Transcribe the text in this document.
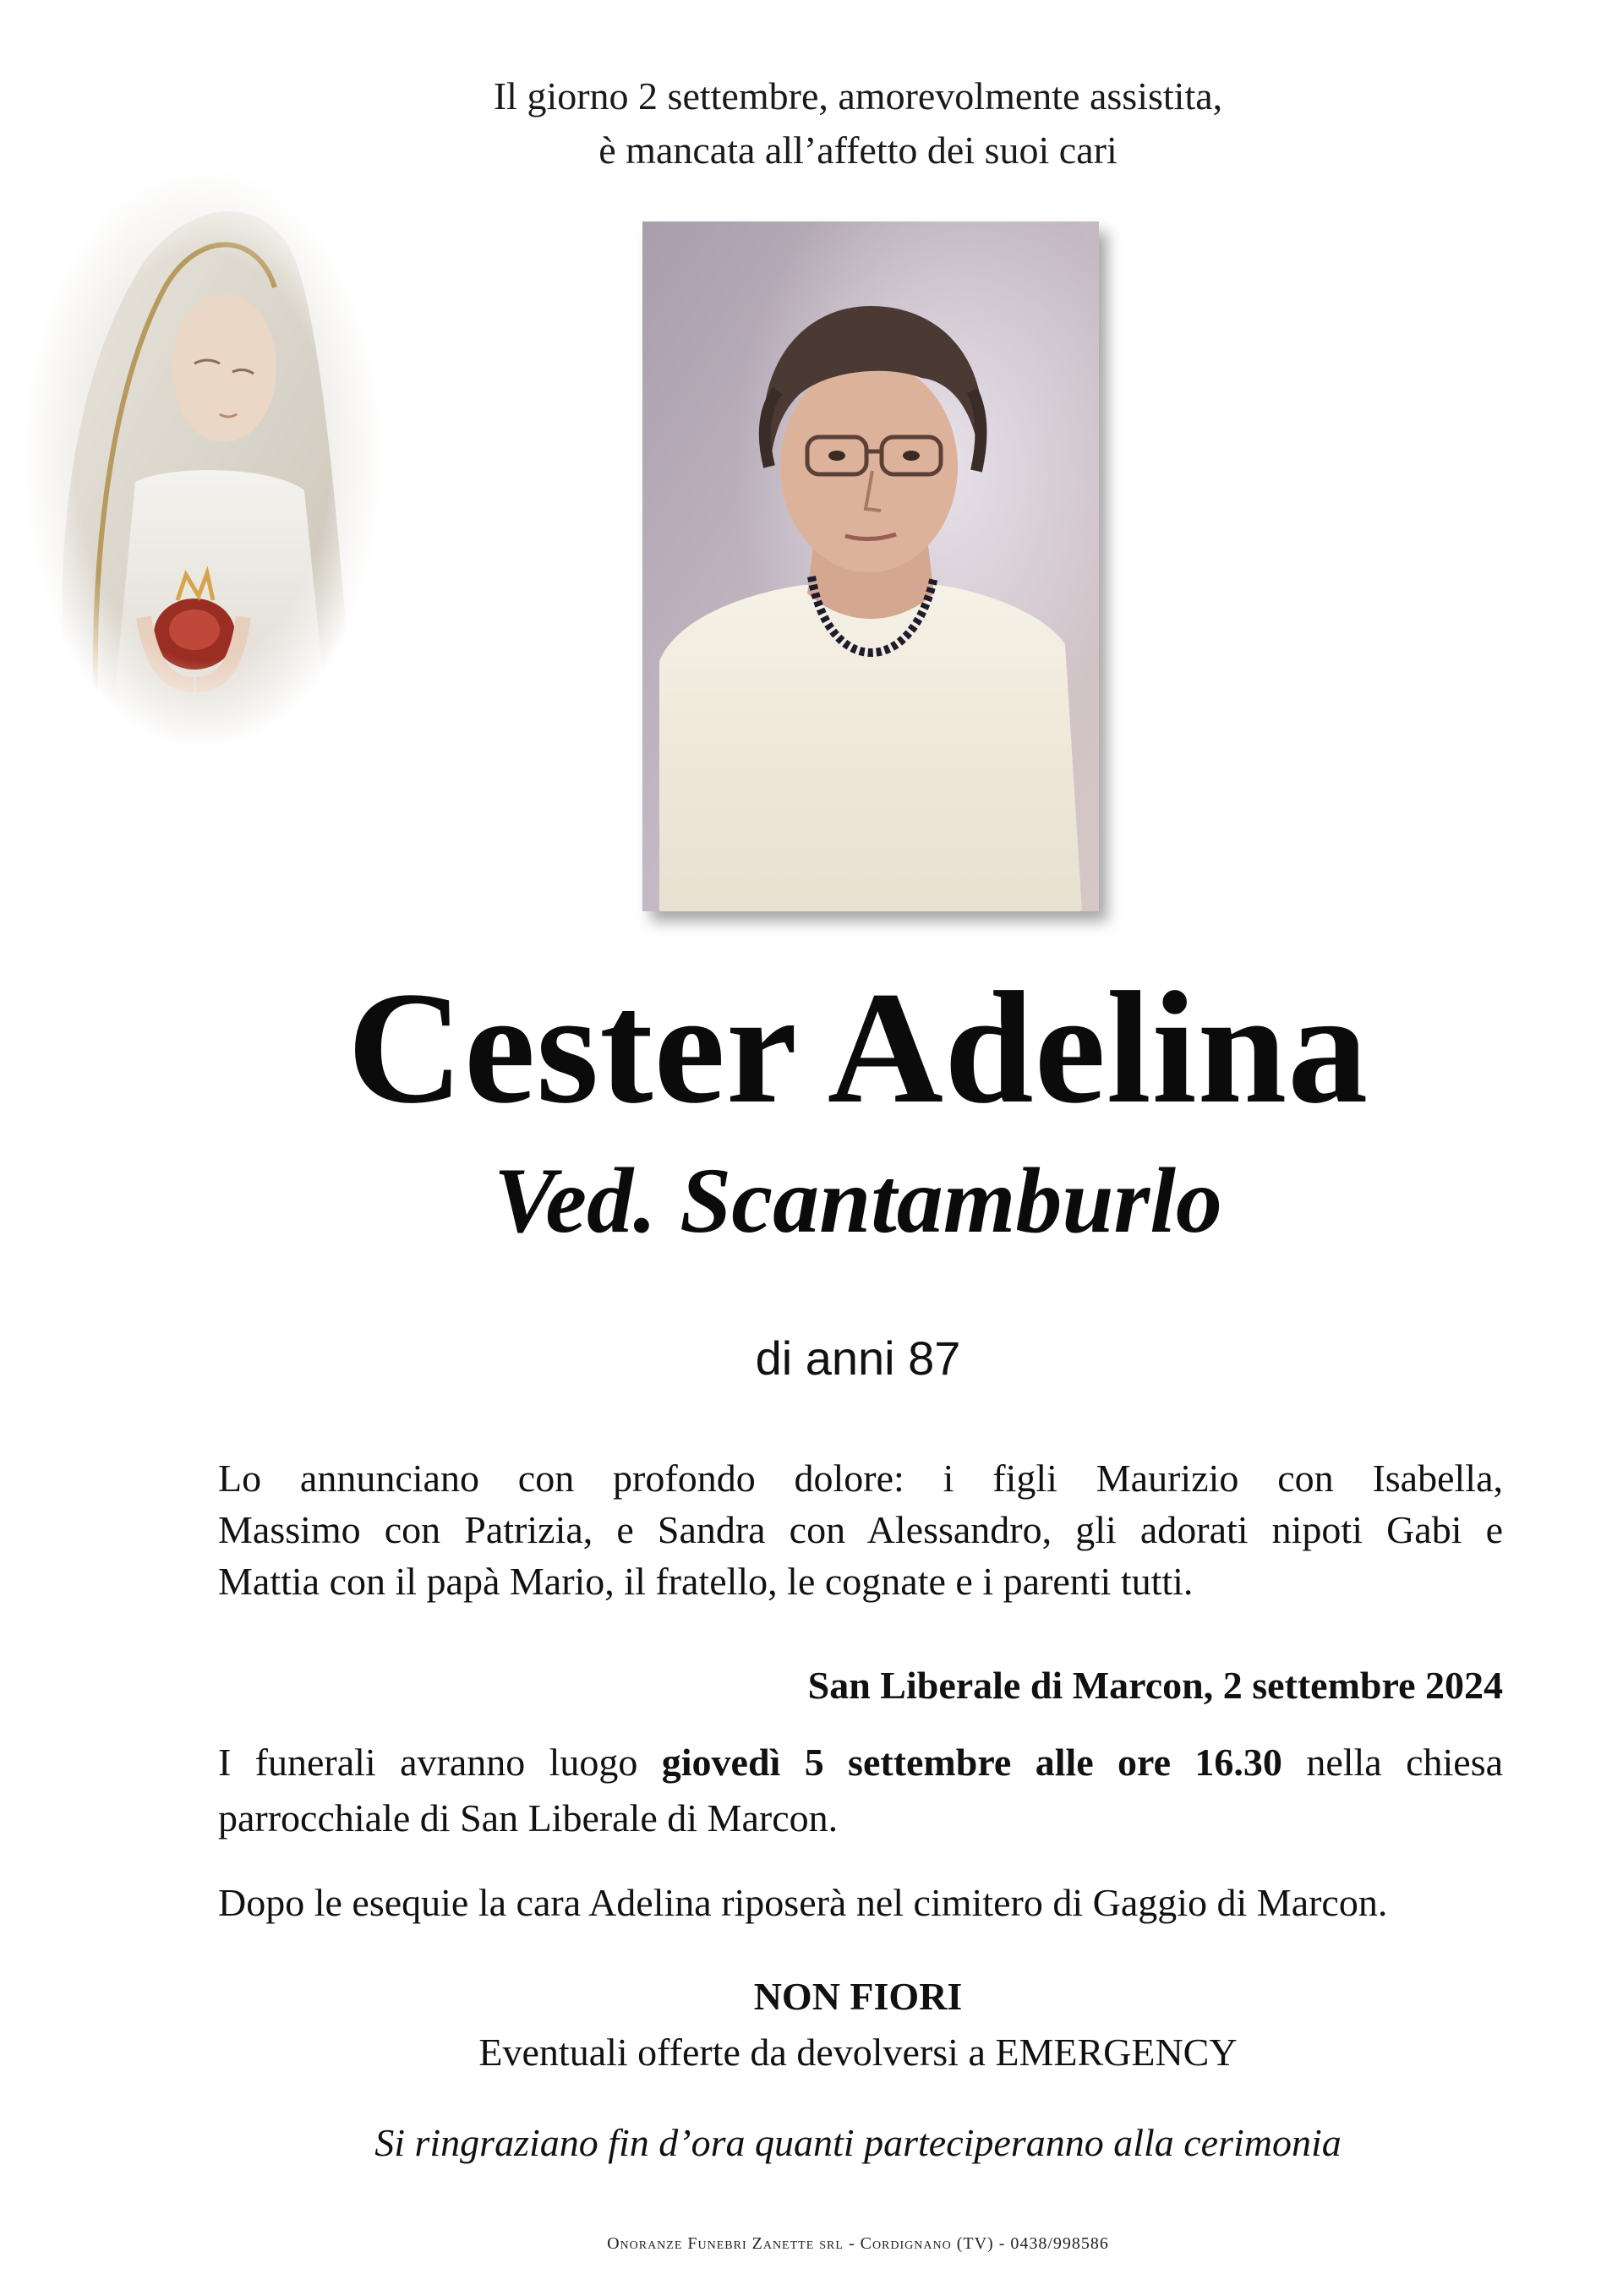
Il giorno 2 settembre, amorevolmente assistita,
è mancata all’affetto dei suoi cari
Cester Adelina
Ved. Scantamburlo
di anni 87
Lo annunciano con profondo dolore: i figli Maurizio con Isabella,
Massimo con Patrizia, e Sandra con Alessandro, gli adorati nipoti Gabi e
Mattia con il papà Mario, il fratello, le cognate e i parenti tutti.
San Liberale di Marcon, 2 settembre 2024
I funerali avranno luogo giovedì 5 settembre alle ore 16.30 nella chiesa
parrocchiale di San Liberale di Marcon.
Dopo le esequie la cara Adelina riposerà nel cimitero di Gaggio di Marcon.
NON FIORI
Eventuali offerte da devolversi a EMERGENCY
Si ringraziano fin d’ora quanti parteciperanno alla cerimonia
Onoranze Funebri Zanette srl - Cordignano (TV) - 0438/998586
